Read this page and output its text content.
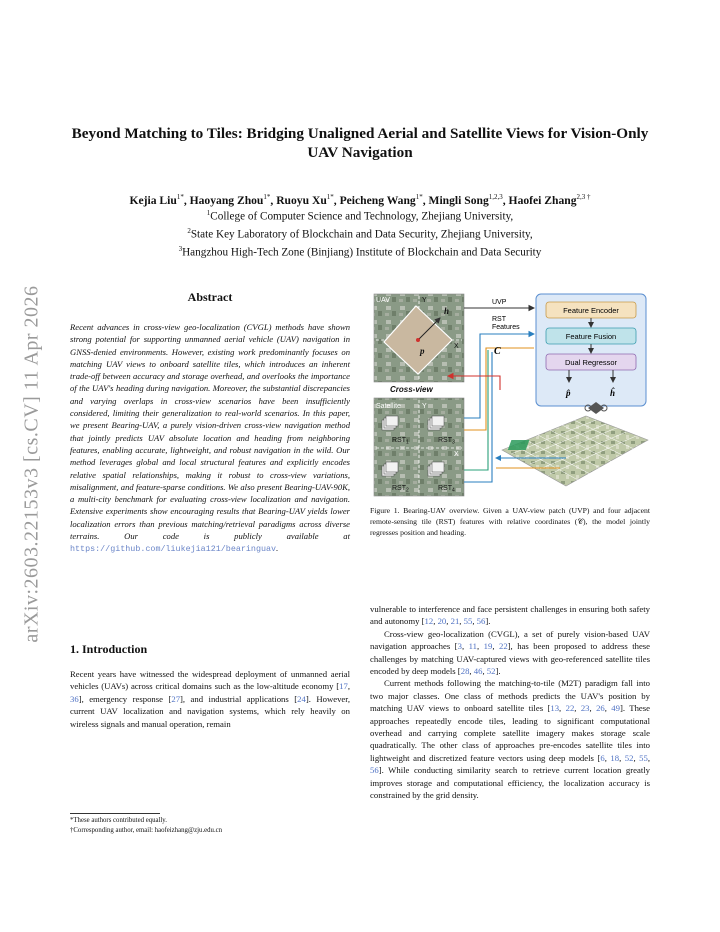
arXiv:2603.22153v3 [cs.CV] 11 Apr 2026
Beyond Matching to Tiles: Bridging Unaligned Aerial and Satellite Views for Vision-Only UAV Navigation
Kejia Liu$^{1*}$, Haoyang Zhou$^{1*}$, Ruoyu $Xu^{1*}$, Peicheng Wang$^{1*}$, Mingli Song$^{1,2,3}$, Haofei Zhang$^{2,3 \dagger}$
$^1$College of Computer Science and Technology, Zhejiang University,
$^2$State Key Laboratory of Blockchain and Data Security, Zhejiang University,
$^3$Hangzhou High-Tech Zone (Binjiang) Institute of Blockchain and Data Security
Abstract
Recent advances in cross-view geo-localization (CVGL) methods have shown strong potential for supporting unmanned aerial vehicle (UAV) navigation in GNSS-denied environments. However, existing work predominantly focuses on matching UAV views to onboard satellite tiles, which introduces an inherent trade-off between accuracy and storage overhead, and overlooks the importance of the UAV's heading during navigation. Moreover, the substantial discrepancies and varying overlaps in cross-view scenarios have been insufficiently considered, limiting their generalization to real-world scenarios. In this paper, we present Bearing-UAV, a purely vision-driven cross-view navigation method that jointly predicts UAV absolute location and heading from neighboring features, enabling accurate, lightweight, and robust navigation in the wild. Our method leverages global and local structural features and explicitly encodes relative spatial relationships, making it robust to cross-view variations, misalignment, and feature-sparse conditions. We also present Bearing-UAV-90K, a multi-city benchmark for evaluating cross-view localization and navigation. Extensive experiments show encouraging results that Bearing-UAV yields lower localization errors than previous matching/retrieval paradigms across diverse terrains. Our code is publicly available at https://github.com/liukejia121/bearinguav.
1. Introduction
Recent years have witnessed the widespread deployment of unmanned aerial vehicles (UAVs) across critical domains such as the low-altitude economy [17, 36], emergency response [27], and industrial applications [24]. However, current UAV localization and navigation systems, which rely heavily on wireless signals and manual operation, remain
*These authors contributed equally.
†Corresponding author, email: haofeizhang@zju.edu.cn
UAV	Y
X
h
p
Cross-view
Satellite	Y
X
$RST_1$	$RST_3$
$RST_2$	$RST_4$
UVP
RST
Features
C
Feature Encoder
Feature Fusion
Dual Regressor
p̂	ĥ
Figure 1. Bearing-UAV overview. Given a UAV-view patch (UVP) and four adjacent remote-sensing tile (RST) features with relative coordinates (𝒞), the model jointly regresses position and heading.

vulnerable to interference and face persistent challenges in ensuring both safety and autonomy [12, 20, 21, 55, 56].

Cross-view geo-localization (CVGL), a set of purely vision-based UAV navigation approaches [3, 11, 19, 22], has been proposed to address these challenges by matching UAV-captured views with geo-referenced satellite tiles encoded by deep models [28, 46, 52].

Current methods following the matching-to-tile (M2T) paradigm fall into two major classes. One class of methods predicts the UAV's position by matching UAV views to onboard satellite tiles [13, 22, 23, 26, 49]. These approaches repeatedly encode tiles, leading to significant computational overhead and carrying complete satellite imagery makes storage scale quadratically. The other class of approaches pre-encodes satellite tiles into lightweight and discretized feature vectors using deep models [6, 18, 52, 55, 56]. While conducting similarity search to retrieve current location greatly improves storage and computational efficiency, the localization accuracy is constrained by the grid density.
